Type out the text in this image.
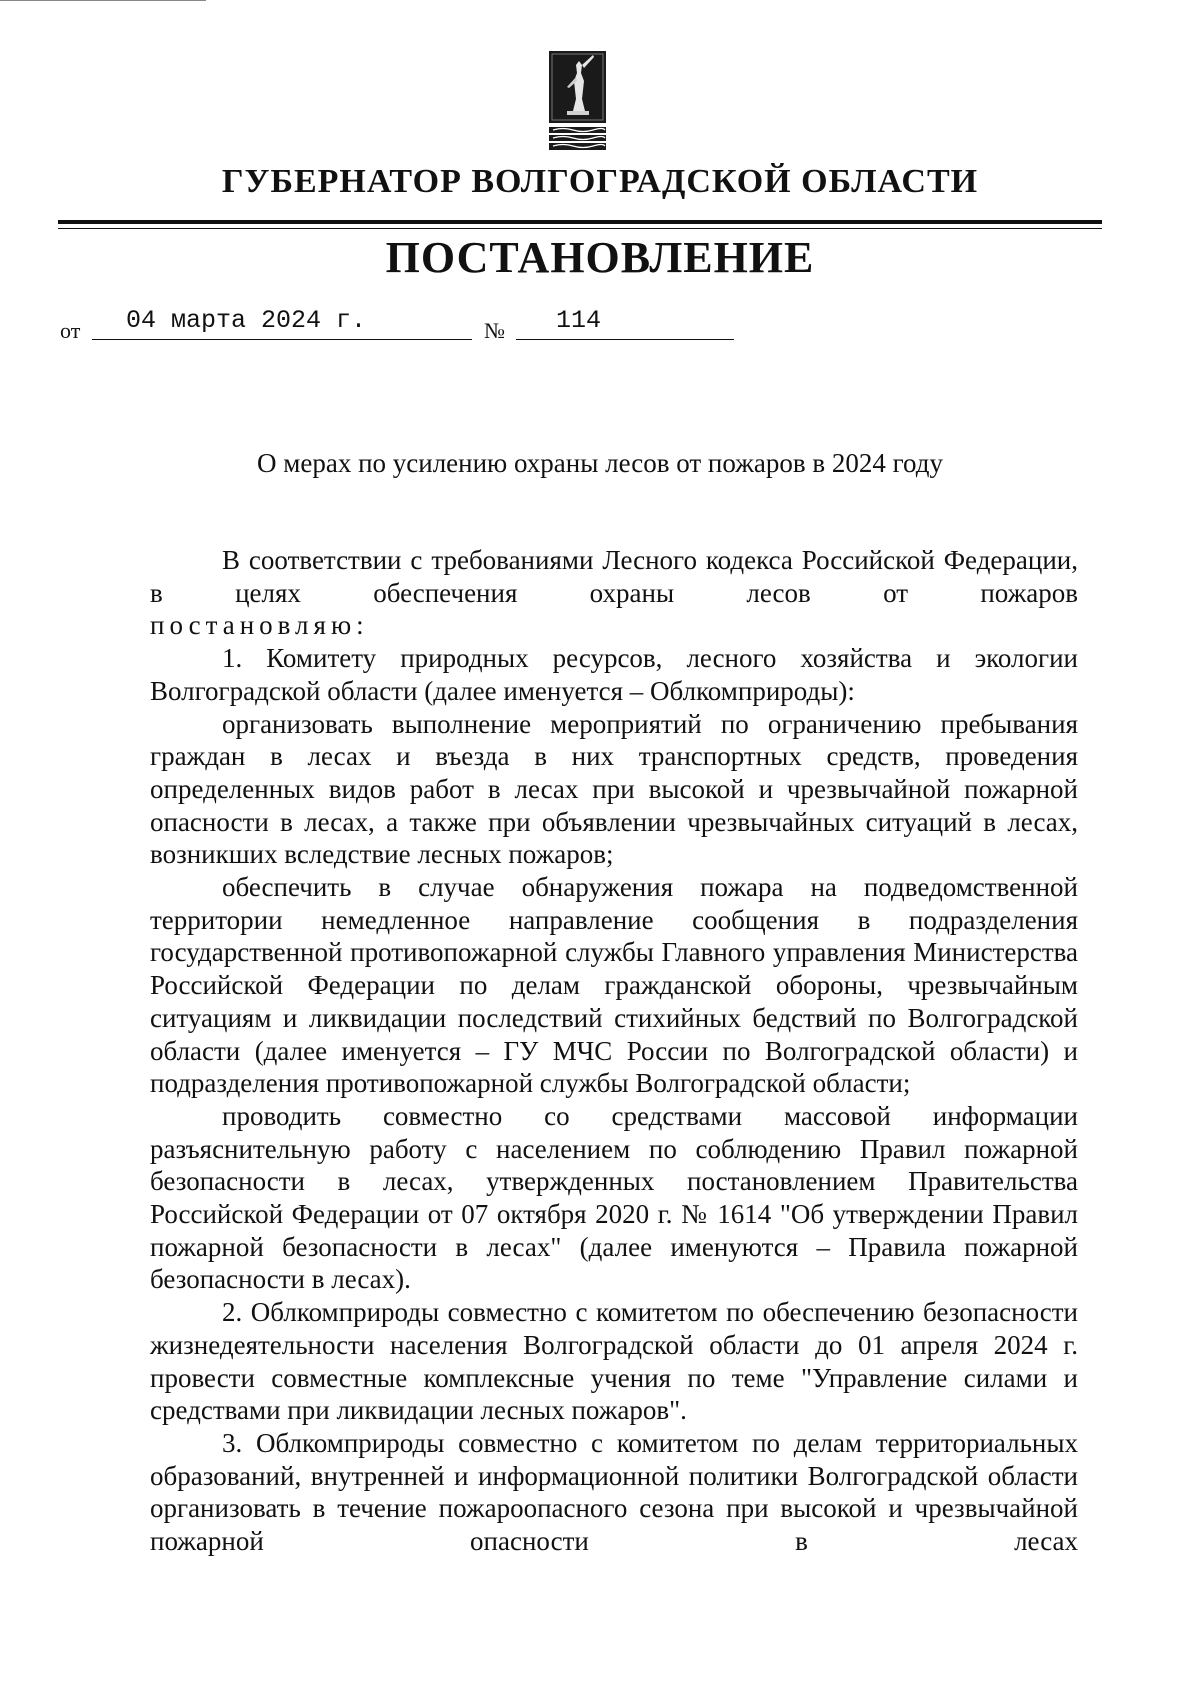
ГУБЕРНАТОР ВОЛГОГРАДСКОЙ ОБЛАСТИ
ПОСТАНОВЛЕНИЕ
от 04 марта 2024 г.	№ 114
О мерах по усилению охраны лесов от пожаров в 2024 году

В соответствии с требованиями Лесного кодекса Российской Федерации, в целях обеспечения охраны лесов от пожаров

постановляю:

1. Комитету природных ресурсов, лесного хозяйства и экологии Волгоградской области (далее именуется – Облкомприроды):

организовать выполнение мероприятий по ограничению пребывания граждан в лесах и въезда в них транспортных средств, проведения определенных видов работ в лесах при высокой и чрезвычайной пожарной опасности в лесах, а также при объявлении чрезвычайных ситуаций в лесах, возникших вследствие лесных пожаров;

обеспечить в случае обнаружения пожара на подведомственной территории немедленное направление сообщения в подразделения государственной противопожарной службы Главного управления Министерства Российской Федерации по делам гражданской обороны, чрезвычайным ситуациям и ликвидации последствий стихийных бедствий по Волгоградской области (далее именуется – ГУ МЧС России по Волгоградской области) и подразделения противопожарной службы Волгоградской области;

проводить совместно со средствами массовой информации разъяснительную работу с населением по соблюдению Правил пожарной безопасности в лесах, утвержденных постановлением Правительства Российской Федерации от 07 октября 2020 г. № 1614 "Об утверждении Правил пожарной безопасности в лесах" (далее именуются – Правила пожарной безопасности в лесах).

2. Облкомприроды совместно с комитетом по обеспечению безопасности жизнедеятельности населения Волгоградской области до 01 апреля 2024 г. провести совместные комплексные учения по теме "Управление силами и средствами при ликвидации лесных пожаров".

3. Облкомприроды совместно с комитетом по делам территориальных образований, внутренней и информационной политики Волгоградской области организовать в течение пожароопасного сезона при высокой и чрезвычайной пожарной опасности в лесах
